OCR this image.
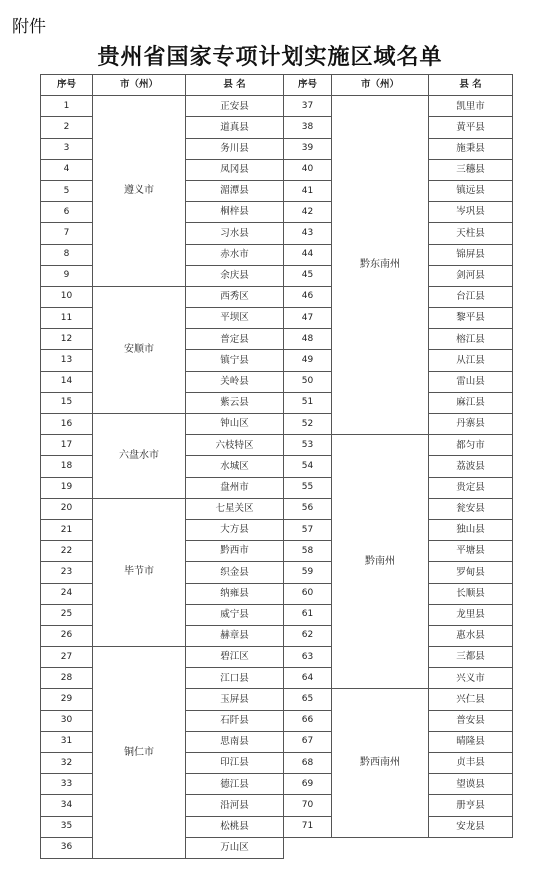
附件
贵州省国家专项计划实施区域名单
序号	市（州）	县 名	序号	市（州）	县 名
1	遵义市	正安县	37	黔东南州	凯里市
2		道真县	38		黄平县
3		务川县	39		施秉县
4		凤冈县	40		三穗县
5		湄潭县	41		镇远县
6		桐梓县	42		岑巩县
7		习水县	43		天柱县
8		赤水市	44		锦屏县
9		余庆县	45		剑河县
10	安顺市	西秀区	46		台江县
11		平坝区	47		黎平县
12		普定县	48		榕江县
13		镇宁县	49		从江县
14		关岭县	50		雷山县
15		紫云县	51		麻江县
16	六盘水市	钟山区	52		丹寨县
17		六枝特区	53	黔南州	都匀市
18		水城区	54		荔波县
19		盘州市	55		贵定县
20	毕节市	七星关区	56		瓮安县
21		大方县	57		独山县
22		黔西市	58		平塘县
23		织金县	59		罗甸县
24		纳雍县	60		长顺县
25		威宁县	61		龙里县
26		赫章县	62		惠水县
27	铜仁市	碧江区	63		三都县
28		江口县	64		兴义市
29		玉屏县	65	黔西南州	兴仁县
30		石阡县	66		普安县
31		思南县	67		晴隆县
32		印江县	68		贞丰县
33		德江县	69		望谟县
34		沿河县	70		册亨县
35		松桃县	71		安龙县
36		万山区			
